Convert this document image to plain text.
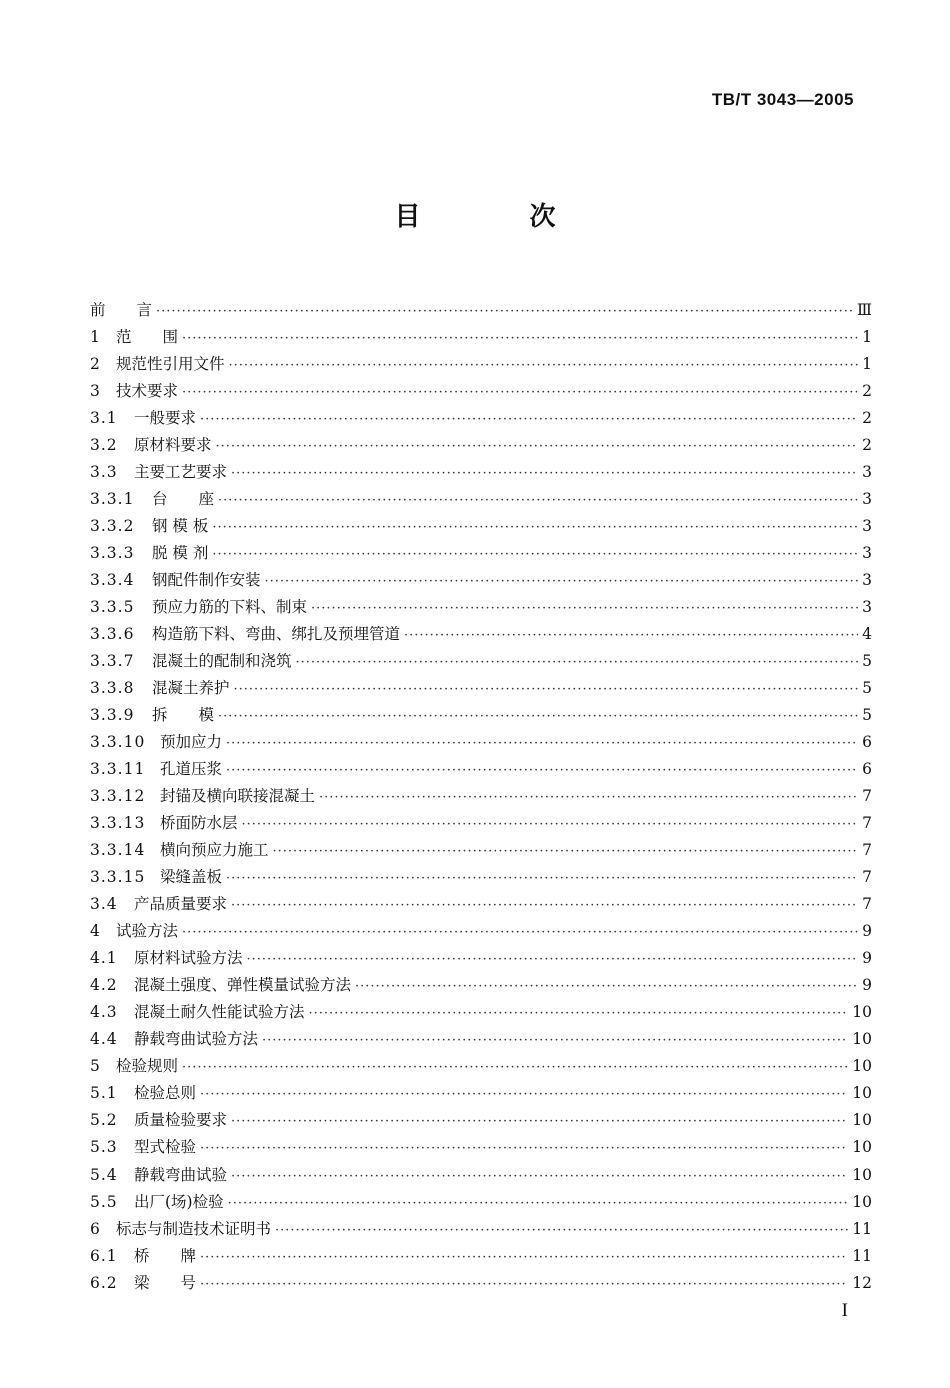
TB/T 3043—2005
目 次
前　　言 ·····	Ⅲ
1 范　　围 ·····	1
2 规范性引用文件 ·····	1
3 技术要求 ·····	2
3.1	一般要求 ·····	2
3.2	原材料要求 ·····	2
3.3	主要工艺要求 ·····	3
3.3.1	台　　座 ·····	3
3.3.2	钢 模 板 ·····	3
3.3.3	脱 模 剂 ·····	3
3.3.4	钢配件制作安装 ·····	3
3.3.5	预应力筋的下料、制束 ·····	3
3.3.6	构造筋下料、弯曲、绑扎及预埋管道 ·····	4
3.3.7	混凝土的配制和浇筑 ·····	5
3.3.8	混凝土养护 ·····	5
3.3.9	拆　　模 ·····	5
3.3.10 预加应力 ·····	6
3.3.11 孔道压浆 ·····	6
3.3.12 封锚及横向联接混凝土 ·····	7
3.3.13 桥面防水层 ·····	7
3.3.14 横向预应力施工 ·····	7
3.3.15 梁缝盖板 ·····	7
3.4	产品质量要求 ·····	7
4 试验方法 ·····	9
4.1	原材料试验方法 ·····	9
4.2	混凝土强度、弹性模量试验方法 ·····	9
4.3	混凝土耐久性能试验方法 ·····	10
4.4	静载弯曲试验方法 ·····	10
5 检验规则 ·····	10
5.1	检验总则 ·····	10
5.2	质量检验要求 ·····	10
5.3	型式检验 ·····	10
5.4	静载弯曲试验 ·····	10
5.5	出厂(场)检验 ·····	10
6 标志与制造技术证明书 ·····	11
6.1	桥　　牌 ·····	11
6.2	梁　　号 ·····	12
I
